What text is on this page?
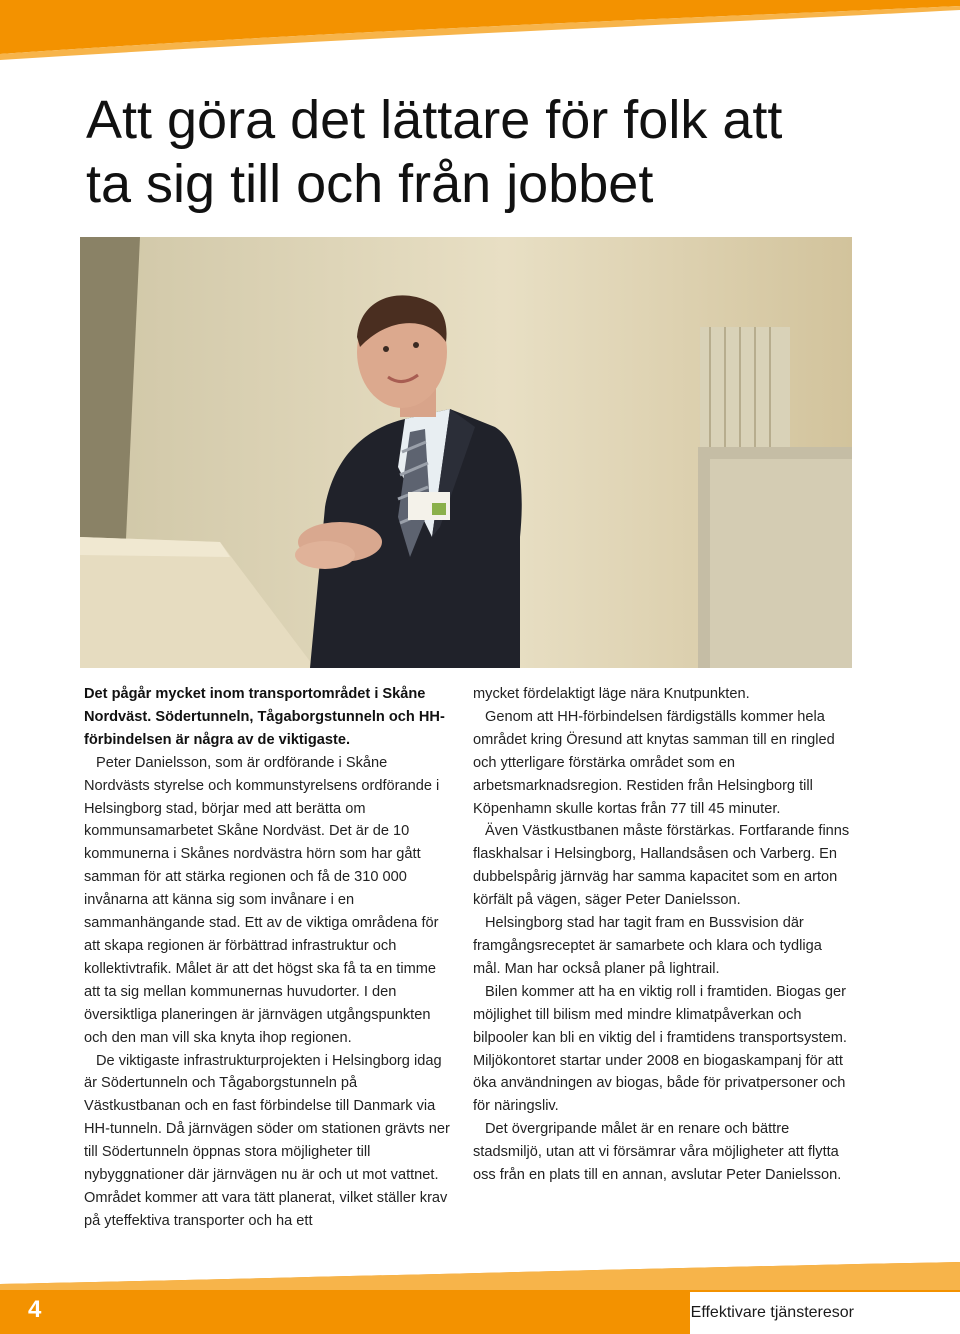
Att göra det lättare för folk att
ta sig till och från jobbet

Det pågår mycket inom transportområdet i Skåne Nordväst. Södertunneln, Tågaborgstunneln och HH-förbindelsen är några av de viktigaste.

Peter Danielsson, som är ordförande i Skåne Nordvästs styrelse och kommunstyrelsens ordförande i Helsingborg stad, börjar med att berätta om kommunsamarbetet Skåne Nordväst. Det är de 10 kommunerna i Skånes nordvästra hörn som har gått samman för att stärka regionen och få de 310 000 invånarna att känna sig som invånare i en sammanhängande stad. Ett av de viktiga områdena för att skapa regionen är förbättrad infrastruktur och kollektivtrafik. Målet är att det högst ska få ta en timme att ta sig mellan kommunernas huvudorter. I den översiktliga planeringen är järnvägen utgångspunkten och den man vill ska knyta ihop regionen.

De viktigaste infrastrukturprojekten i Helsingborg idag är Södertunneln och Tågaborgstunneln på Västkustbanan och en fast förbindelse till Danmark via HH-tunneln. Då järnvägen söder om stationen grävts ner till Södertunneln öppnas stora möjligheter till nybyggnationer där järnvägen nu är och ut mot vattnet. Området kommer att vara tätt planerat, vilket ställer krav på yteffektiva transporter och ha ett

mycket fördelaktigt läge nära Knutpunkten.

Genom att HH-förbindelsen färdigställs kommer hela området kring Öresund att knytas samman till en ringled och ytterligare förstärka området som en arbetsmarknadsregion. Restiden från Helsingborg till Köpenhamn skulle kortas från 77 till 45 minuter.

Även Västkustbanen måste förstärkas. Fortfarande finns flaskhalsar i Helsingborg, Hallandsåsen och Varberg. En dubbelspårig järnväg har samma kapacitet som en arton körfält på vägen, säger Peter Danielsson.

Helsingborg stad har tagit fram en Bussvision där framgångsreceptet är samarbete och klara och tydliga mål. Man har också planer på lightrail.

Bilen kommer att ha en viktig roll i framtiden. Biogas ger möjlighet till bilism med mindre klimatpåverkan och bilpooler kan bli en viktig del i framtidens transportsystem. Miljökontoret startar under 2008 en biogaskampanj för att öka användningen av biogas, både för privatpersoner och för näringsliv.

Det övergripande målet är en renare och bättre stadsmiljö, utan att vi försämrar våra möjligheter att flytta oss från en plats till en annan, avslutar Peter Danielsson.

4	Effektivare tjänsteresor
